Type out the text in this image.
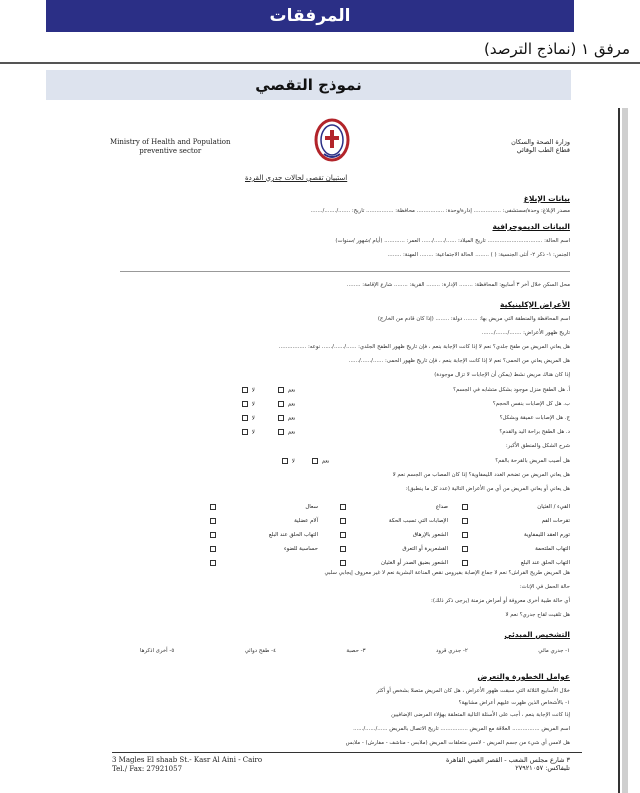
المرفقات
مرفق ١ (نماذج الترصد)
نموذج التقصي
Ministry of Health and Population
preventive sector
وزارة الصحة والسكان
قطاع الطب الوقائي
استبيان تقصي لحالات جدري القردة
بيانات الإبلاغ
مصدر الإبلاغ: وحدة/مستشفى: ................ إدارة/وحدة: ................ محافظة: ................ تاريخ: ......./......./.......
البيانات الديموجرافية
اسم الحالة: ................................ تاريخ الميلاد: ....../....../...... العمر: ............ (أيام /شهور /سنوات)
الجنس: ١- ذكر ٢- أنثى الجنسية: ( ) ........ الحالة الاجتماعية: ........ المهنة: ........
محل السكن خلال آخر ٣ أسابيع: المحافظة: ........ الإدارة: ........ القرية: ........ شارع الإقامة: ........
الأعراض الإكلينيكية
اسم المحافظة والمنطقة التي مريض بها: ........ دولة: ........ (إذا كان قادم من الخارج)
تاريخ ظهور الأعراض: ......./......./.......
هل يعاني المريض من طفح جلدي؟ نعم لا إذا كانت الإجابة بنعم ، فإن تاريخ ظهور الطفح الجلدي: ....../....../...... نوعه: ................
هل المريض يعاني من الحمى؟ نعم لا إذا كانت الإجابة بنعم ، فإن تاريخ ظهور الحمى: ....../....../......
إذا كان هناك مريض نشط (يمكن أن الإجابات لا تزال موجودة)
أ. هل الطفح منزل موجود بشكل متشابه في الجسم؟
ب. هل كل الإصابات بنفس الحجم؟
ج. هل الإصابات عميقة وبشكل؟
د. هل الطفح براحة اليد والقدم؟
شرح الشكل والمنطق الأكبر:
نعم
لا
نعم
لا
نعم
لا
نعم
لا
هل أصيب المريض بالقرحة بالفم؟
نعم
لا
هل يعاني المريض من تضخم الغدد الليمفاوية؟ إذا كان المصاب من الجسم نعم لا
هل يعاني أو يعاني المريض من أي من الأعراض التالية (عدد كل ما ينطبق):
القيء / الغثيان
تقرحات الفم
تورم العقد الليمفاوية
التهاب الملتحمة
التهاب الحلق عند البلع
صداع
الإصابات التي تسبب الحكة
الشعور بالإرهاق
القشعريرة أو التعرق
الشعور بضيق الصدر أو الغثيان
سعال
آلام عضلية
التهاب الحلق عند البلع
حساسية للضوء
هل المريض طريح الفراش؟ نعم لا جماع الإصابة بفيروس نقص المناعة البشرية نعم لا غير معروف إيجابي سلبي
حالة الحمل في الإناث:
أي حالة طبية أخرى معروفة أو أمراض مزمنة (يرجى ذكر ذلك):
هل تلقيت لقاح جدري؟ نعم لا
التشخيص المبدئي
١- جدري مائي
٢- جدري قرود
٣- حصبة
٤- طفح دوائي
٥- أخرى اذكرها
عوامل الخطورة والتعرض
خلال الأسابيع الثلاثة التي سبقت ظهور الأعراض ، هل كان المريض متصلا بشخص أو أكثر
١- بالأشخاص الذين ظهرت عليهم أعراض مشابهة؟
إذا كانت الإجابة بنعم ، أجب على الأسئلة التالية المتعلقة بهؤلاء المرضى الإضافيين
اسم المريض ................ العلاقة مع المريض ................ تاريخ الاتصال بالمريض ....../....../......
هل لامس أي شيء من جسم المريض - لامس متعلقات المريض (ملابس - مناشف - مفارش) - ملابس
3 Magles El shaab St.- Kasr Al Aini - Cairo
Tel./ Fax: 27921057
٣ شارع مجلس الشعب - القصر العيني القاهرة
تليفاكس: ٢٧٩٢١٠٥٧
